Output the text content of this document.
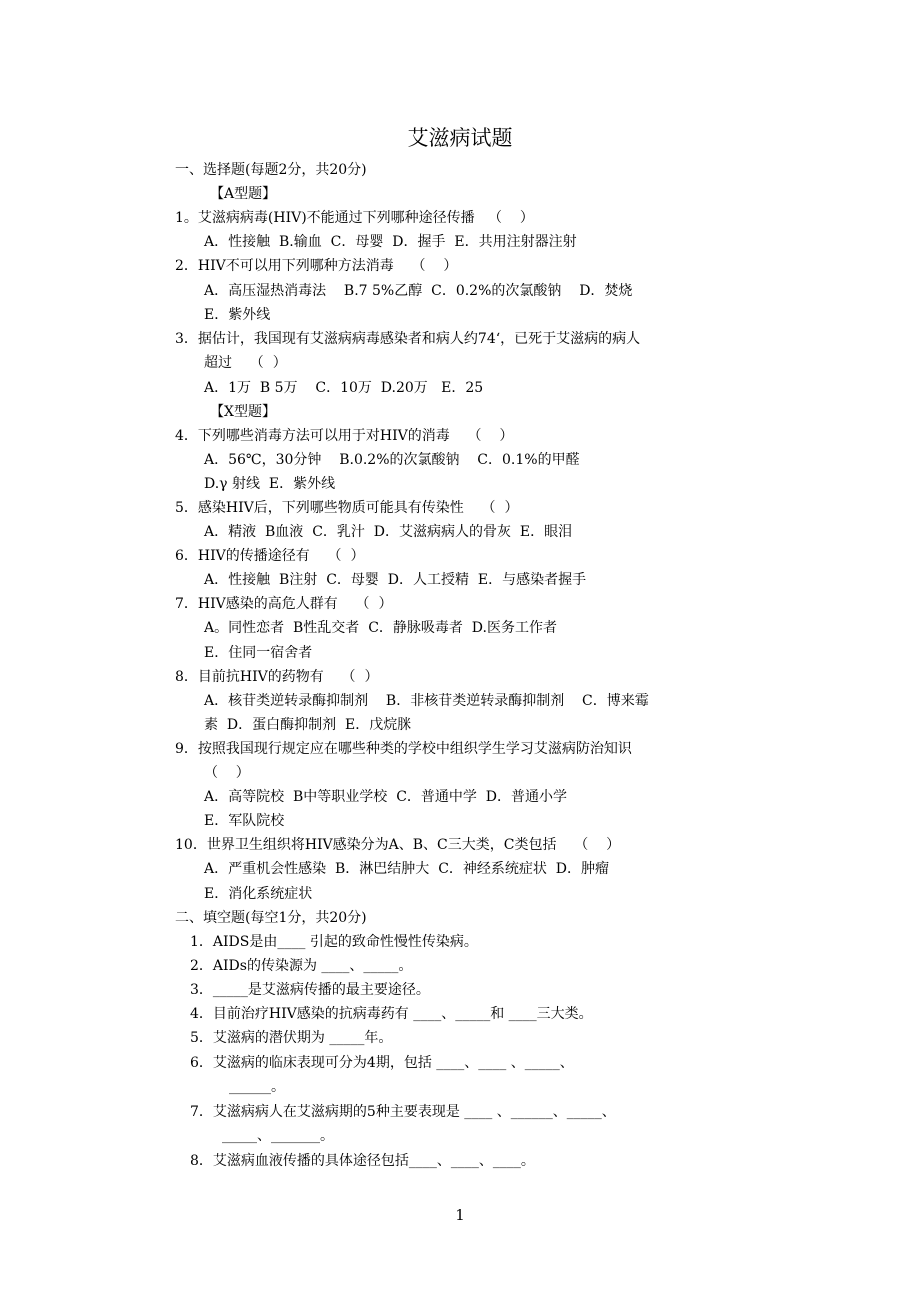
艾滋病试题
一、选择题(每题2分，共20分)
【A型题】
1。艾滋病病毒(HIV)不能通过下列哪种途径传播   （    ）
A．性接触  B.输血  C．母婴  D．握手  E．共用注射器注射
2．HIV不可以用下列哪种方法消毒    （    ）
A．高压湿热消毒法    B.7 5%乙醇  C．0.2%的次氯酸钠    D．焚烧
E．紫外线
3．据估计，我国现有艾滋病病毒感染者和病人约74‘，已死于艾滋病的病人
超过    （  ）
A．1万  B 5万    C．10万  D.20万   E．25
【X型题】
4．下列哪些消毒方法可以用于对HIV的消毒    （    ）
A．56℃，30分钟    B.0.2%的次氯酸钠    C．0.1%的甲醛
D.γ 射线  E．紫外线
5．感染HIV后，下列哪些物质可能具有传染性    （  ）
A．精液  B血液  C．乳汁  D．艾滋病病人的骨灰  E．眼泪
6．HIV的传播途径有    （  ）
A．性接触  B注射  C．母婴  D．人工授精  E．与感染者握手
7．HIV感染的高危人群有    （  ）
A。同性恋者  B性乱交者  C．静脉吸毒者  D.医务工作者
E．住同一宿舍者
8．目前抗HIV的药物有    （  ）
A．核苷类逆转录酶抑制剂    B．非核苷类逆转录酶抑制剂    C．博来霉
素  D．蛋白酶抑制剂  E．戊烷脒
9．按照我国现行规定应在哪些种类的学校中组织学生学习艾滋病防治知识
（    ）
A．高等院校  B中等职业学校  C．普通中学  D．普通小学
E．军队院校
10．世界卫生组织将HIV感染分为A、B、C三大类，C类包括    （    ）
A．严重机会性感染  B．淋巴结肿大  C．神经系统症状  D．肿瘤
E．消化系统症状
二、填空题(每空1分，共20分)
1．AIDS是由____ 引起的致命性慢性传染病。
2．AIDs的传染源为 ____、_____。
3．_____是艾滋病传播的最主要途径。
4．目前治疗HIV感染的抗病毒药有 ____、_____和 ____三大类。
5．艾滋病的潜伏期为 _____年。
6．艾滋病的临床表现可分为4期，包括 ____、____ 、_____、
______。
7．艾滋病病人在艾滋病期的5种主要表现是 ____ 、______、_____、
_____、_______。
8．艾滋病血液传播的具体途径包括____、____、____。
1
